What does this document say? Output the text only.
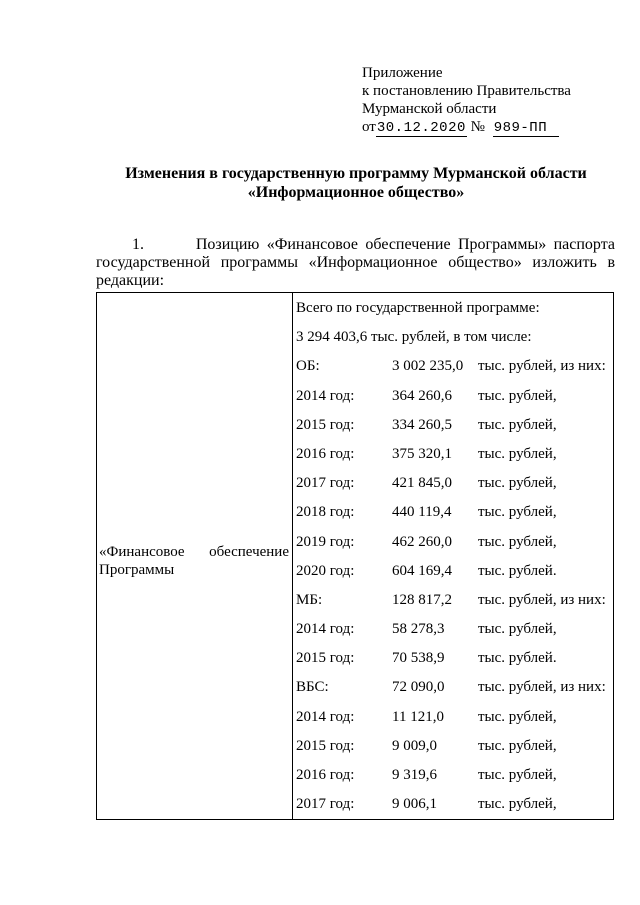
Приложение
к постановлению Правительства
Мурманской области
от30.12.2020 № 989-ПП
Изменения в государственную программу Мурманской области
«Информационное общество»
1.	Позицию «Финансовое обеспечение Программы» паспорта
государственной программы «Информационное общество» изложить в
редакции:
«Финансовое обеспечение
Программы
Всего по государственной программе:
3 294 403,6 тыс. рублей, в том числе:
ОБ:	3 002 235,0 тыс. рублей, из них:
2014 год:	364 260,6 тыс. рублей,
2015 год:	334 260,5 тыс. рублей,
2016 год:	375 320,1 тыс. рублей,
2017 год:	421 845,0 тыс. рублей,
2018 год:	440 119,4 тыс. рублей,
2019 год:	462 260,0 тыс. рублей,
2020 год:	604 169,4 тыс. рублей.
МБ:	128 817,2 тыс. рублей, из них:
2014 год:	58 278,3 тыс. рублей,
2015 год:	70 538,9 тыс. рублей.
ВБС:	72 090,0 тыс. рублей, из них:
2014 год:	11 121,0 тыс. рублей,
2015 год:	9 009,0	тыс. рублей,
2016 год:	9 319,6	тыс. рублей,
2017 год:	9 006,1	тыс. рублей,
